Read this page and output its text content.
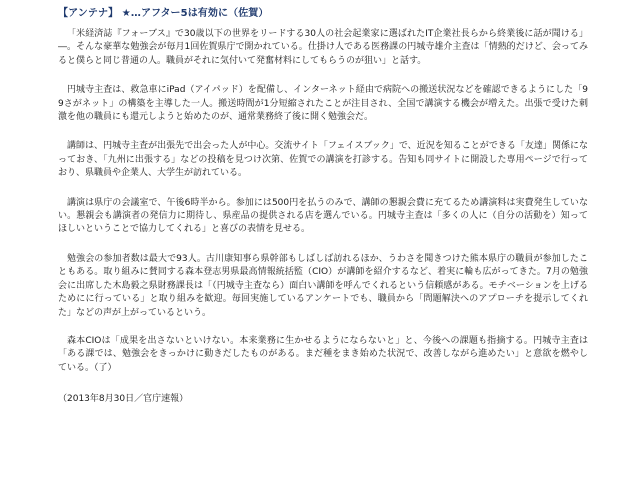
【アンテナ】 ★…アフター5は有効に（佐賀）

「米経済誌『フォーブス』で30歳以下の世界をリードする30人の社会起業家に選ばれたIT企業社長らから終業後に話が聞ける」―。そんな豪華な勉強会が毎月1回佐賀県庁で開かれている。仕掛け人である医務課の円城寺雄介主査は「情熱的だけど、会ってみると僕らと同じ普通の人。職員がそれに気付いて発奮材料にしてもらうのが狙い」と話す。

円城寺主査は、救急車にiPad（アイパッド）を配備し、インターネット経由で病院への搬送状況などを確認できるようにした「99さがネット」の構築を主導した一人。搬送時間が1分短縮されたことが注目され、全国で講演する機会が増えた。出張で受けた刺激を他の職員にも還元しようと始めたのが、通常業務終了後に開く勉強会だ。

講師は、円城寺主査が出張先で出会った人が中心。交流サイト「フェイスブック」で、近況を知ることができる「友達」関係になっておき、「九州に出張する」などの投稿を見つけ次第、佐賀での講演を打診する。告知も同サイトに開設した専用ページで行っており、県職員や企業人、大学生が訪れている。

講演は県庁の会議室で、午後6時半から。参加には500円を払うのみで、講師の懇親会費に充てるため講演料は実費発生していない。懇親会も講演者の発信力に期待し、県産品の提供される店を選んでいる。円城寺主査は「多くの人に（自分の活動を）知ってほしいということで協力してくれる」と喜びの表情を見せる。

勉強会の参加者数は最大で93人。古川康知事ら県幹部もしばしば訪れるほか、うわさを聞きつけた熊本県庁の職員が参加したこともある。取り組みに賛同する森本登志男県最高情報統括監（CIO）が講師を紹介するなど、着実に輪も広がってきた。7月の勉強会に出席した木島毅之県財務課長は「（円城寺主査なら）面白い講師を呼んでくれるという信頼感がある。モチベーションを上げるためにに行っている」と取り組みを歓迎。毎回実施しているアンケートでも、職員から「問題解決へのアプローチを提示してくれた」などの声が上がっているという。

森本CIOは「成果を出さないといけない。本来業務に生かせるようにならないと」と、今後への課題も指摘する。円城寺主査は「ある課では、勉強会をきっかけに動きだしたものがある。まだ種をまき始めた状況で、改善しながら進めたい」と意欲を燃やしている。（了）

（2013年8月30日／官庁速報）
